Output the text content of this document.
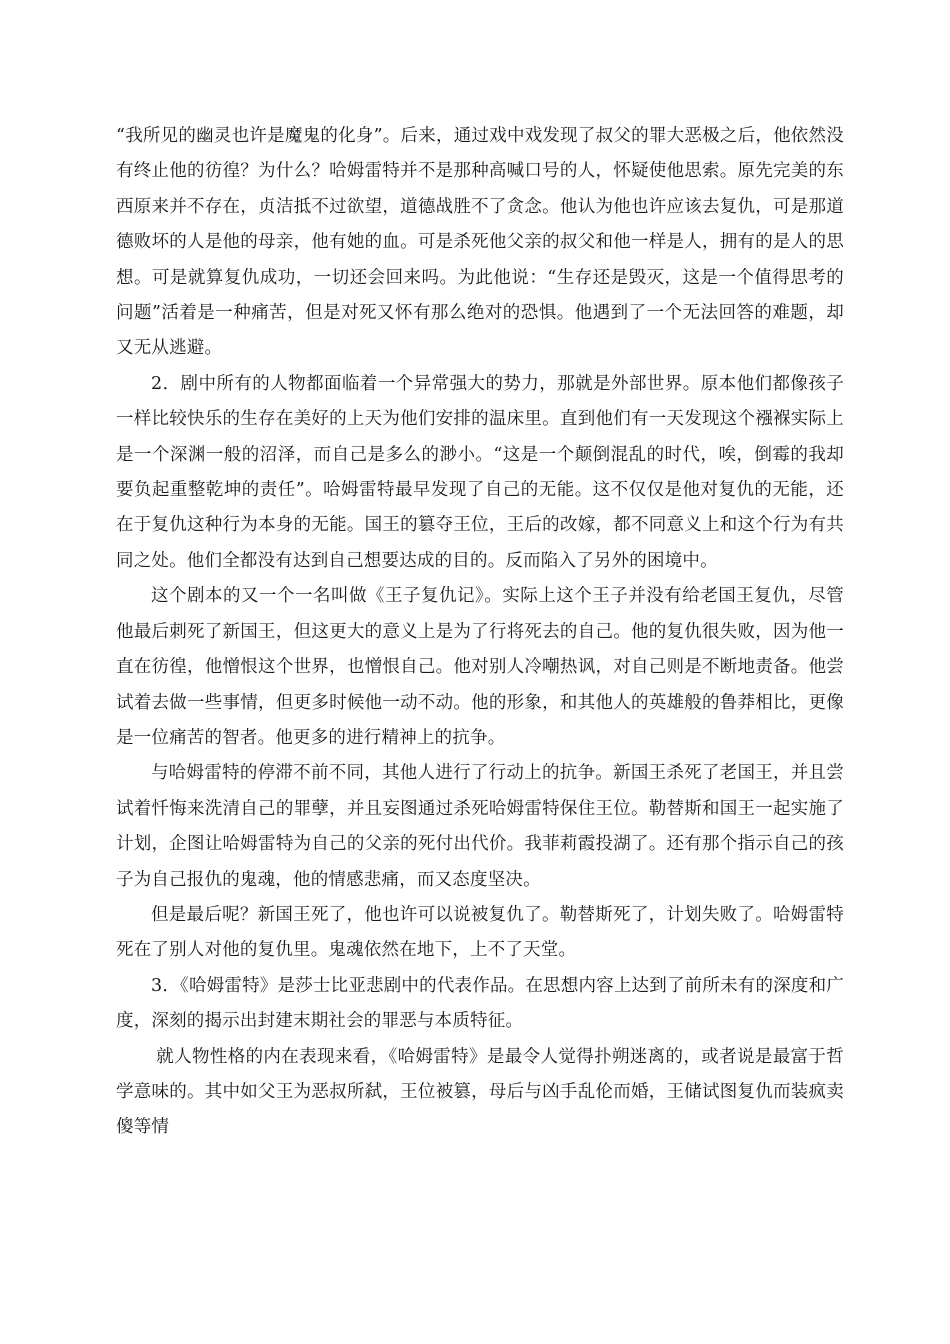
“我所见的幽灵也许是魔鬼的化身”。后来，通过戏中戏发现了叔父的罪大恶极之后，他依然没有终止他的彷徨？为什么？哈姆雷特并不是那种高喊口号的人，怀疑使他思索。原先完美的东西原来并不存在，贞洁抵不过欲望，道德战胜不了贪念。他认为他也许应该去复仇，可是那道德败坏的人是他的母亲，他有她的血。可是杀死他父亲的叔父和他一样是人，拥有的是人的思想。可是就算复仇成功，一切还会回来吗。为此他说：“生存还是毁灭，这是一个值得思考的问题”活着是一种痛苦，但是对死又怀有那么绝对的恐惧。他遇到了一个无法回答的难题，却又无从逃避。

2．剧中所有的人物都面临着一个异常强大的势力，那就是外部世界。原本他们都像孩子一样比较快乐的生存在美好的上天为他们安排的温床里。直到他们有一天发现这个襁褓实际上是一个深渊一般的沼泽，而自己是多么的渺小。“这是一个颠倒混乱的时代，唉，倒霉的我却要负起重整乾坤的责任”。哈姆雷特最早发现了自己的无能。这不仅仅是他对复仇的无能，还在于复仇这种行为本身的无能。国王的篡夺王位，王后的改嫁，都不同意义上和这个行为有共同之处。他们全都没有达到自己想要达成的目的。反而陷入了另外的困境中。

这个剧本的又一个一名叫做《王子复仇记》。实际上这个王子并没有给老国王复仇，尽管他最后刺死了新国王，但这更大的意义上是为了行将死去的自己。他的复仇很失败，因为他一直在彷徨，他憎恨这个世界，也憎恨自己。他对别人冷嘲热讽，对自己则是不断地责备。他尝试着去做一些事情，但更多时候他一动不动。他的形象，和其他人的英雄般的鲁莽相比，更像是一位痛苦的智者。他更多的进行精神上的抗争。

与哈姆雷特的停滞不前不同，其他人进行了行动上的抗争。新国王杀死了老国王，并且尝试着忏悔来洗清自己的罪孽，并且妄图通过杀死哈姆雷特保住王位。勒替斯和国王一起实施了计划，企图让哈姆雷特为自己的父亲的死付出代价。我菲莉霞投湖了。还有那个指示自己的孩子为自己报仇的鬼魂，他的情感悲痛，而又态度坚决。

但是最后呢？新国王死了，他也许可以说被复仇了。勒替斯死了，计划失败了。哈姆雷特死在了别人对他的复仇里。鬼魂依然在地下，上不了天堂。

3．《哈姆雷特》是莎士比亚悲剧中的代表作品。在思想内容上达到了前所未有的深度和广度，深刻的揭示出封建末期社会的罪恶与本质特征。

就人物性格的内在表现来看，《哈姆雷特》是最令人觉得扑朔迷离的，或者说是最富于哲学意味的。其中如父王为恶叔所弑，王位被篡，母后与凶手乱伦而婚，王储试图复仇而装疯卖傻等情
